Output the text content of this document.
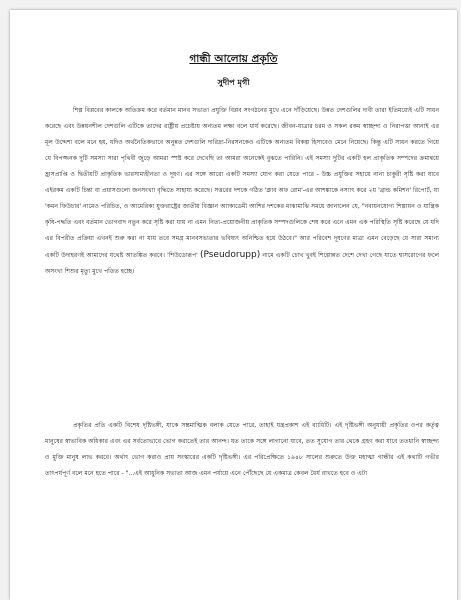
গান্ধী আলোয় প্রকৃতি
সুদীপ মৃগী

শিল্প বিপ্লবের কালকে অতিক্রম করে বর্তমান মানব সভ্যতা প্রযুক্তি বিপ্লব সংগঠনের মুখে এনে দাঁড়িয়েছে। উন্নত দেশগুলির দাবী তারা ইতিমধ্যেই এটি সাধন করেছে এবং উন্নয়নশীল দেশগুলি এটিকে তাদের রাষ্ট্রীয় প্রচেষ্টায় অন্যতম লক্ষ্য বলে ধার্য করেছে। জীবন-যাত্রার চরম ও সকল রকম স্বাচ্ছন্দ্য ও নিরাপত্তা আনাই এর মূল উদ্দেশ্য বলে মনে হয়, যদিও অর্থনৈতিকভাবে অনুন্নত দেশগুলি দারিদ্র্য-নিরসনকেও এটিকে অন্যতম বিকল্প হিসাবেও মেনে নিয়েছে। কিন্তু এটি সাধন করতে গিয়ে যে বিপজ্জনক দুটি সমস্যা সারা পৃথিবী জুড়ে আমরা স্পষ্ট করে দেখেছি তা আমরা অনেকেই বুঝতে পারিনি। এই সমস্যা দুটির একটি হল প্রাকৃতিক সম্পদের ক্রমান্বয়ে হ্রাসপ্রাপ্তি ও দ্বিতীয়টি প্রাকৃতিক ভারসাম্যহীনতা ও দূষণ। এর সঙ্গে আরো একটি সমস্যা যোগ করা যেতে পারে - উচ্চ প্রযুক্তির সহায়ে নানা চাকুরী সৃষ্টি করা যাবে এইরকম একটি চিন্তা বা প্রয়াসগুলো জনসংখ্যা বৃদ্ধিতে সাহায্য করেছে। সত্তরের দশকে গঠিত 'ক্লাব অফ রোম'-এর আশঙ্কাকে নস্যাৎ করে ২য় 'ব্রান্ড কমিশন' রিপোর্ট, যা 'কমন ফিউচার' নামেও পরিচিত, ও আমেরিকা যুক্তরাষ্ট্রের জাতীয় বিজ্ঞান অ্যাকাডেমী আশির দশকের মাঝামাঝি সময়ে জানালেন যে, "নবায়নযোগ্য শিল্পায়ন ও যান্ত্রিক কৃষি-পদ্ধতি এবং বর্তমান ভোগবাদ নতুন করে সৃষ্টি করা যায় না এমন নিত্য-প্রয়োজনীয় প্রাকৃতিক সম্পদগুলিকে শেষ করে এনে এমন এক পরিস্থিতি সৃষ্টি করেছে যে যদি এর বিপরীত প্রক্রিয়া এখনই শুরু করা না যায় তবে সমগ্র মানবসভ্যতার ভবিষ্যৎ অনিশ্চিত হয়ে উঠবে।" আর পরিবেশ দূষণের মাত্রা এমন বেড়েছে যে সারা সমান্য একটি উদাহরণই আমাদের যথেষ্ট আতঙ্কিত করবে। 'শিউডোরূপ' (Pseudorupp) নামে একটি চোখ খুবই শিল্পোন্নত দেশে দেখা গেছে যাতে শ্বাসরোগের ফলে অসংখ্য শিশুর মৃত্যু মুখে পতিত হচ্ছে।

প্রকৃতির প্রতি একটি বিশেষ দৃষ্টিভঙ্গী, যাকে সম্ভ্রমাত্মিক বলাক যেতে পারে, তাহাই যন্ত্রপ্রকাশ এই ব্যাধিটি। এই দৃষ্টিভঙ্গী অনুযায়ী প্রকৃতির ওপর কর্তৃত্ব মানুষের স্বাভাবিক অধিকার এবং এর সর্বতোভাবে ভোগ করাতেই তার আনন্দ। যত তাকে সঙ্গে লাগানো যাবে, তত সুযোগ তার থেকে গ্রহণ করা যাবে ততধানি স্বাচ্ছন্দ্য ও মুক্তি মানুষ লাভ করবে। অর্থাৎ ভোগ করাও প্রায় সংস্কারের একটি দৃষ্টিভঙ্গী। এর পরিপ্রেক্ষিতে ১৯৪৮ সালের শুরুতে উক্ত মহাত্মা গান্ধীর এই কথাটি গভীর তাৎপর্যপূর্ণ বলে মনে হতে পারে - "...এই আধুনিক সভ্যতা আজ এমন পর্যায়ে এনে পৌঁছেছে যে একমাত্র কেবল ধৈর্য রাখতে হবে ও এটা
